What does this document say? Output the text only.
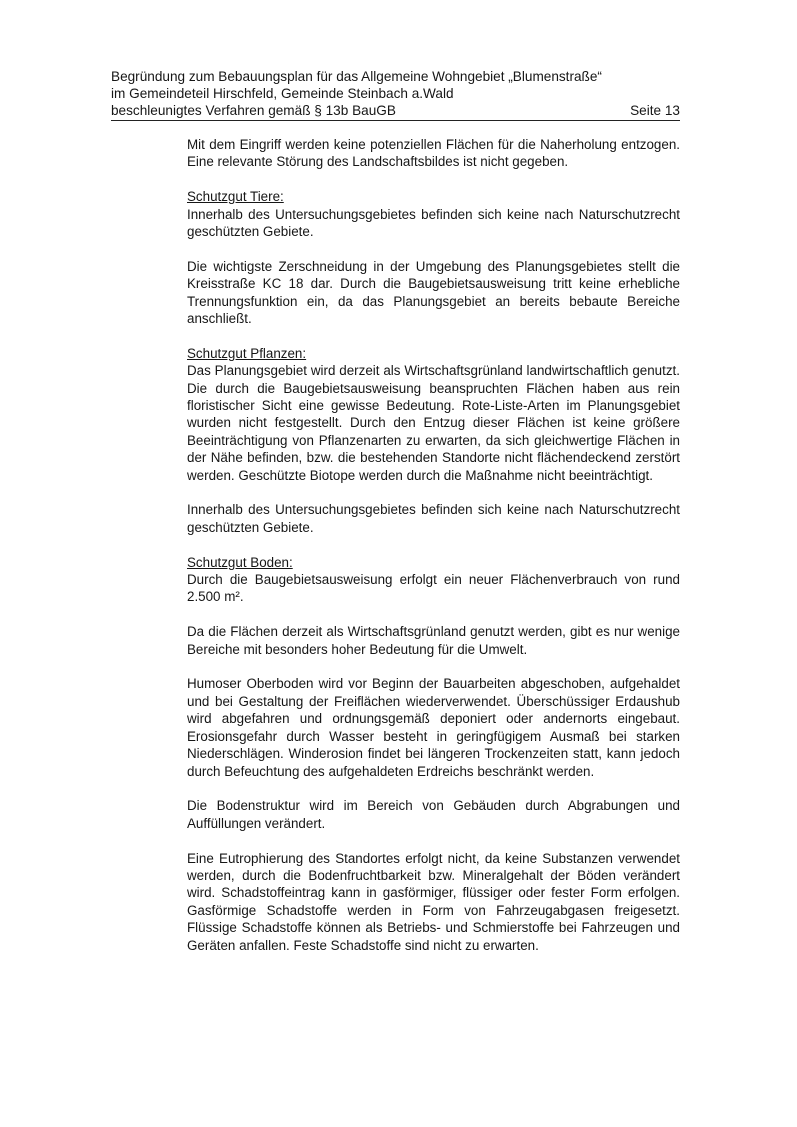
Begründung zum Bebauungsplan für das Allgemeine Wohngebiet „Blumenstraße“
im Gemeindeteil Hirschfeld, Gemeinde Steinbach a.Wald
beschleunigtes Verfahren gemäß § 13b BauGB	Seite 13
Mit dem Eingriff werden keine potenziellen Flächen für die Naherholung entzogen.
Eine relevante Störung des Landschaftsbildes ist nicht gegeben.
Schutzgut Tiere:
Innerhalb des Untersuchungsgebietes befinden sich keine nach Naturschutzrecht
geschützten Gebiete.
Die wichtigste Zerschneidung in der Umgebung des Planungsgebietes stellt die
Kreisstraße KC 18 dar. Durch die Baugebietsausweisung tritt keine erhebliche
Trennungsfunktion ein, da das Planungsgebiet an bereits bebaute Bereiche
anschließt.
Schutzgut Pflanzen:
Das Planungsgebiet wird derzeit als Wirtschaftsgrünland landwirtschaftlich genutzt.
Die durch die Baugebietsausweisung beanspruchten Flächen haben aus rein
floristischer Sicht eine gewisse Bedeutung. Rote-Liste-Arten im Planungsgebiet
wurden nicht festgestellt. Durch den Entzug dieser Flächen ist keine größere
Beeinträchtigung von Pflanzenarten zu erwarten, da sich gleichwertige Flächen in
der Nähe befinden, bzw. die bestehenden Standorte nicht flächendeckend zerstört
werden. Geschützte Biotope werden durch die Maßnahme nicht beeinträchtigt.
Innerhalb des Untersuchungsgebietes befinden sich keine nach Naturschutzrecht
geschützten Gebiete.
Schutzgut Boden:
Durch die Baugebietsausweisung erfolgt ein neuer Flächenverbrauch von rund
2.500 m².
Da die Flächen derzeit als Wirtschaftsgrünland genutzt werden, gibt es nur wenige
Bereiche mit besonders hoher Bedeutung für die Umwelt.
Humoser Oberboden wird vor Beginn der Bauarbeiten abgeschoben, aufgehaldet
und bei Gestaltung der Freiflächen wiederverwendet. Überschüssiger Erdaushub
wird abgefahren und ordnungsgemäß deponiert oder andernorts eingebaut.
Erosionsgefahr durch Wasser besteht in geringfügigem Ausmaß bei starken
Niederschlägen. Winderosion findet bei längeren Trockenzeiten statt, kann jedoch
durch Befeuchtung des aufgehaldeten Erdreichs beschränkt werden.
Die Bodenstruktur wird im Bereich von Gebäuden durch Abgrabungen und
Auffüllungen verändert.
Eine Eutrophierung des Standortes erfolgt nicht, da keine Substanzen verwendet
werden, durch die Bodenfruchtbarkeit bzw. Mineralgehalt der Böden verändert
wird. Schadstoffeintrag kann in gasförmiger, flüssiger oder fester Form erfolgen.
Gasförmige Schadstoffe werden in Form von Fahrzeugabgasen freigesetzt.
Flüssige Schadstoffe können als Betriebs- und Schmierstoffe bei Fahrzeugen und
Geräten anfallen. Feste Schadstoffe sind nicht zu erwarten.
